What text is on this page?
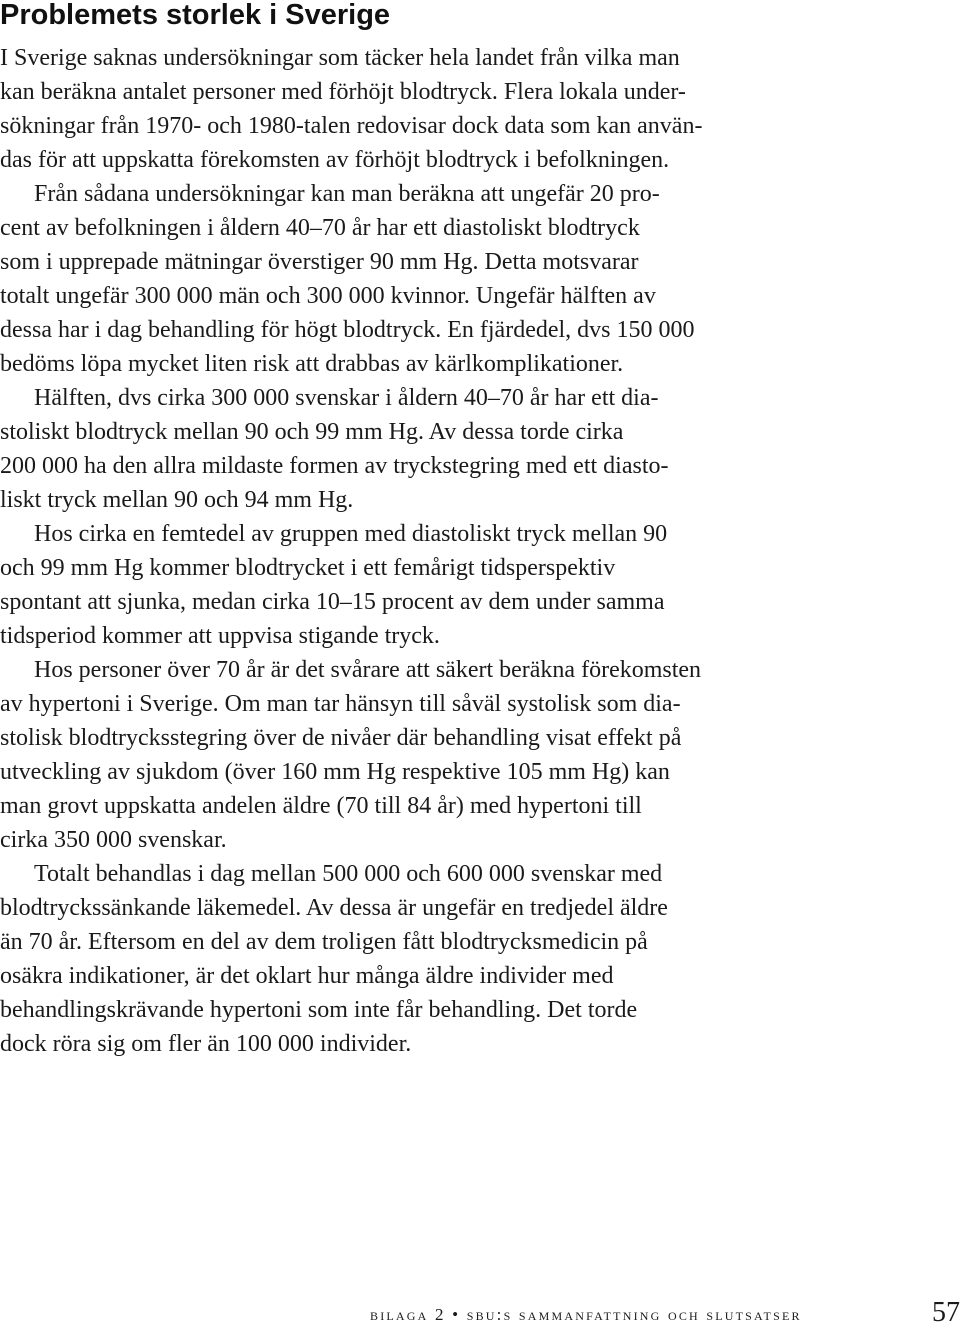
Problemets storlek i Sverige

I Sverige saknas undersökningar som täcker hela landet från vilka man
kan beräkna antalet personer med förhöjt blodtryck. Flera lokala under-
sökningar från 1970- och 1980-talen redovisar dock data som kan använ-
das för att uppskatta förekomsten av förhöjt blodtryck i befolkningen.

Från sådana undersökningar kan man beräkna att ungefär 20 pro-
cent av befolkningen i åldern 40–70 år har ett diastoliskt blodtryck
som i upprepade mätningar överstiger 90 mm Hg. Detta motsvarar
totalt ungefär 300 000 män och 300 000 kvinnor. Ungefär hälften av
dessa har i dag behandling för högt blodtryck. En fjärdedel, dvs 150 000
bedöms löpa mycket liten risk att drabbas av kärlkomplikationer.

Hälften, dvs cirka 300 000 svenskar i åldern 40–70 år har ett dia-
stoliskt blodtryck mellan 90 och 99 mm Hg. Av dessa torde cirka
200 000 ha den allra mildaste formen av tryckstegring med ett diasto-
liskt tryck mellan 90 och 94 mm Hg.

Hos cirka en femtedel av gruppen med diastoliskt tryck mellan 90
och 99 mm Hg kommer blodtrycket i ett femårigt tidsperspektiv
spontant att sjunka, medan cirka 10–15 procent av dem under samma
tidsperiod kommer att uppvisa stigande tryck.

Hos personer över 70 år är det svårare att säkert beräkna förekomsten
av hypertoni i Sverige. Om man tar hänsyn till såväl systolisk som dia-
stolisk blodtrycksstegring över de nivåer där behandling visat effekt på
utveckling av sjukdom (över 160 mm Hg respektive 105 mm Hg) kan
man grovt uppskatta andelen äldre (70 till 84 år) med hypertoni till
cirka 350 000 svenskar.

Totalt behandlas i dag mellan 500 000 och 600 000 svenskar med
blodtryckssänkande läkemedel. Av dessa är ungefär en tredjedel äldre
än 70 år. Eftersom en del av dem troligen fått blodtrycksmedicin på
osäkra indikationer, är det oklart hur många äldre individer med
behandlingskrävande hypertoni som inte får behandling. Det torde
dock röra sig om fler än 100 000 individer.

bilaga 2 • sbu:s sammanfattning och slutsatser	57
